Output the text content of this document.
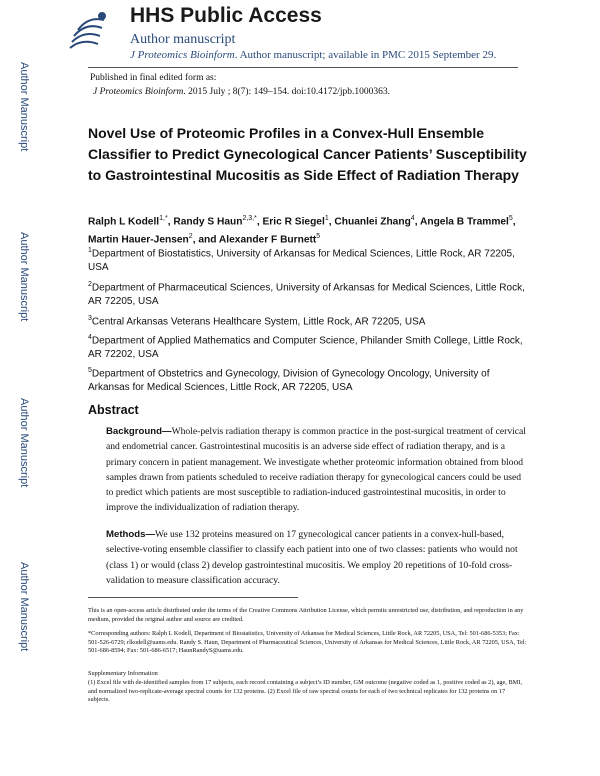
HHS Public Access
Author manuscript
J Proteomics Bioinform. Author manuscript; available in PMC 2015 September 29.
Published in final edited form as:
J Proteomics Bioinform. 2015 July ; 8(7): 149–154. doi:10.4172/jpb.1000363.
Author Manuscript
Author Manuscript
Author Manuscript
Author Manuscript
Novel Use of Proteomic Profiles in a Convex-Hull Ensemble Classifier to Predict Gynecological Cancer Patients’ Susceptibility to Gastrointestinal Mucositis as Side Effect of Radiation Therapy
Ralph L Kodell$^{1,*}$, Randy S Haun$^{2,3,*}$, Eric R Siegel$^1$, Chuanlei Zhang$^4$, Angela B Trammel$^5$, Martin Hauer-Jensen$^2$, and Alexander F Burnett$^5$
$^1$Department of Biostatistics, University of Arkansas for Medical Sciences, Little Rock, AR 72205, USA
$^2$Department of Pharmaceutical Sciences, University of Arkansas for Medical Sciences, Little Rock, AR 72205, USA
$^3$Central Arkansas Veterans Healthcare System, Little Rock, AR 72205, USA
$^4$Department of Applied Mathematics and Computer Science, Philander Smith College, Little Rock, AR 72202, USA
$^5$Department of Obstetrics and Gynecology, Division of Gynecology Oncology, University of Arkansas for Medical Sciences, Little Rock, AR 72205, USA
Abstract
Background—Whole-pelvis radiation therapy is common practice in the post-surgical treatment of cervical and endometrial cancer. Gastrointestinal mucositis is an adverse side effect of radiation therapy, and is a primary concern in patient management. We investigate whether proteomic information obtained from blood samples drawn from patients scheduled to receive radiation therapy for gynecological cancers could be used to predict which patients are most susceptible to radiation-induced gastrointestinal mucositis, in order to improve the individualization of radiation therapy.
Methods—We use 132 proteins measured on 17 gynecological cancer patients in a convex-hull-based, selective-voting ensemble classifier to classify each patient into one of two classes: patients who would not (class 1) or would (class 2) develop gastrointestinal mucositis. We employ 20 repetitions of 10-fold cross-validation to measure classification accuracy.
This is an open-access article distributed under the terms of the Creative Commons Attribution License, which permits unrestricted use, distribution, and reproduction in any medium, provided the original author and source are credited.
*Corresponding authors: Ralph L Kodell, Department of Biostatistics, University of Arkansas for Medical Sciences, Little Rock, AR 72205, USA, Tel: 501-686-5353; Fax: 501-526-6729; rlkodell@uams.edu. Randy S. Haun, Department of Pharmaceutical Sciences, University of Arkansas for Medical Sciences, Little Rock, AR 72205, USA, Tel: 501-686-8594; Fax: 501-686-6517; HaunRandyS@uams.edu.
Supplementary Information
(1) Excel file with de-identified samples from 17 subjects, each record containing a subject’s ID number, GM outcome (negative coded as 1, positive coded as 2), age, BMI, and normalized two-replicate-average spectral counts for 132 proteins. (2) Excel file of raw spectral counts for each of two technical replicates for 132 proteins on 17 subjects.
